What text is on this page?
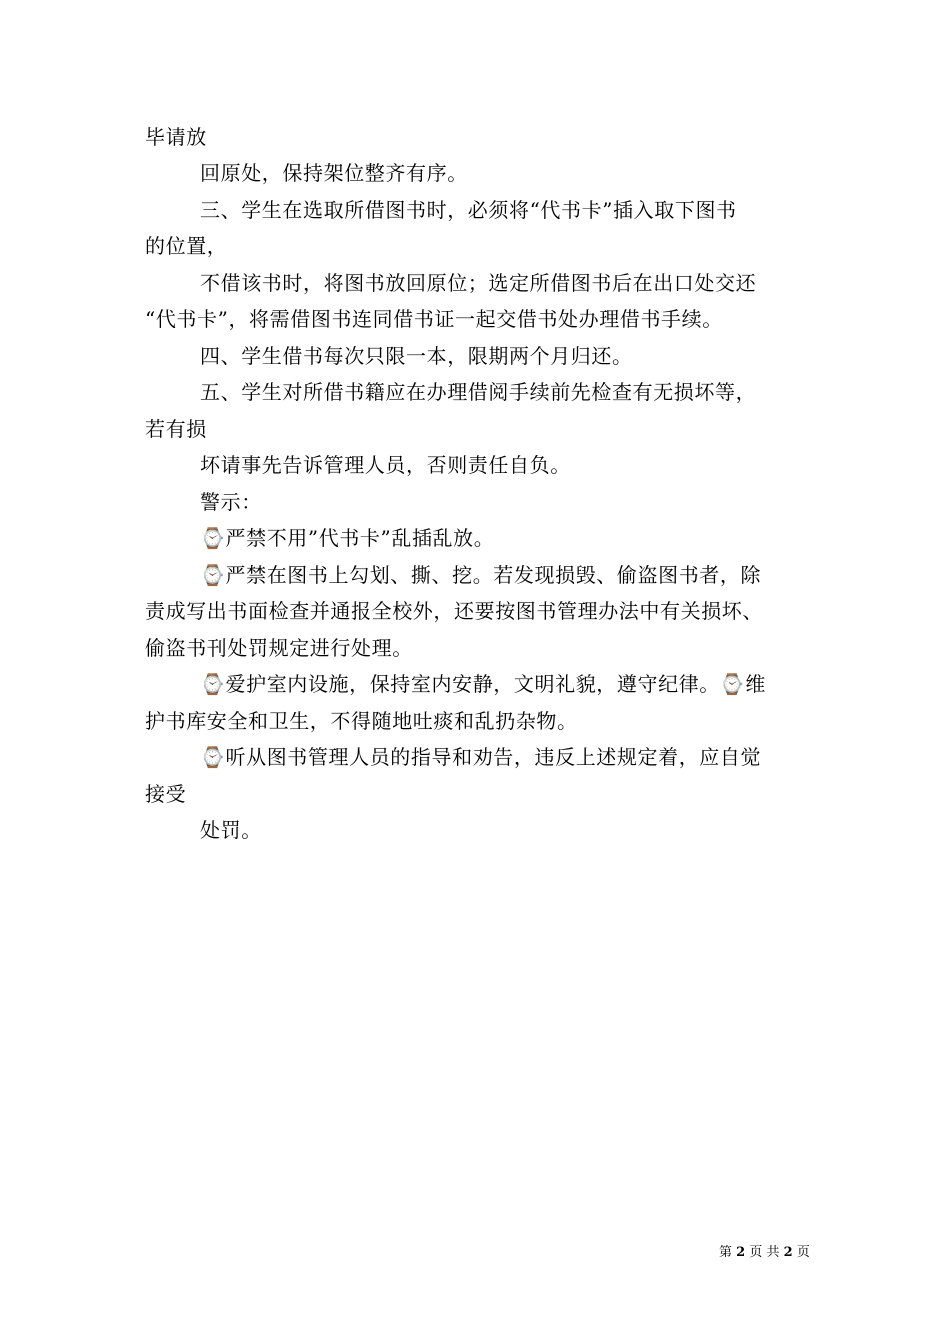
毕请放
回原处，保持架位整齐有序。
三、学生在选取所借图书时，必须将“代书卡”插入取下图书
的位置，
不借该书时，将图书放回原位；选定所借图书后在出口处交还
“代书卡”，将需借图书连同借书证一起交借书处办理借书手续。
四、学生借书每次只限一本，限期两个月归还。
五、学生对所借书籍应在办理借阅手续前先检查有无损坏等，
若有损
坏请事先告诉管理人员，否则责任自负。
警示：
⌚严禁不用”代书卡”乱插乱放。
⌚严禁在图书上勾划、撕、挖。若发现损毁、偷盗图书者，除
责成写出书面检查并通报全校外，还要按图书管理办法中有关损坏、
偷盗书刊处罚规定进行处理。
⌚爱护室内设施，保持室内安静，文明礼貌，遵守纪律。⌚维
护书库安全和卫生，不得随地吐痰和乱扔杂物。
⌚听从图书管理人员的指导和劝告，违反上述规定着，应自觉
接受
处罚。
第 2 页 共 2 页
